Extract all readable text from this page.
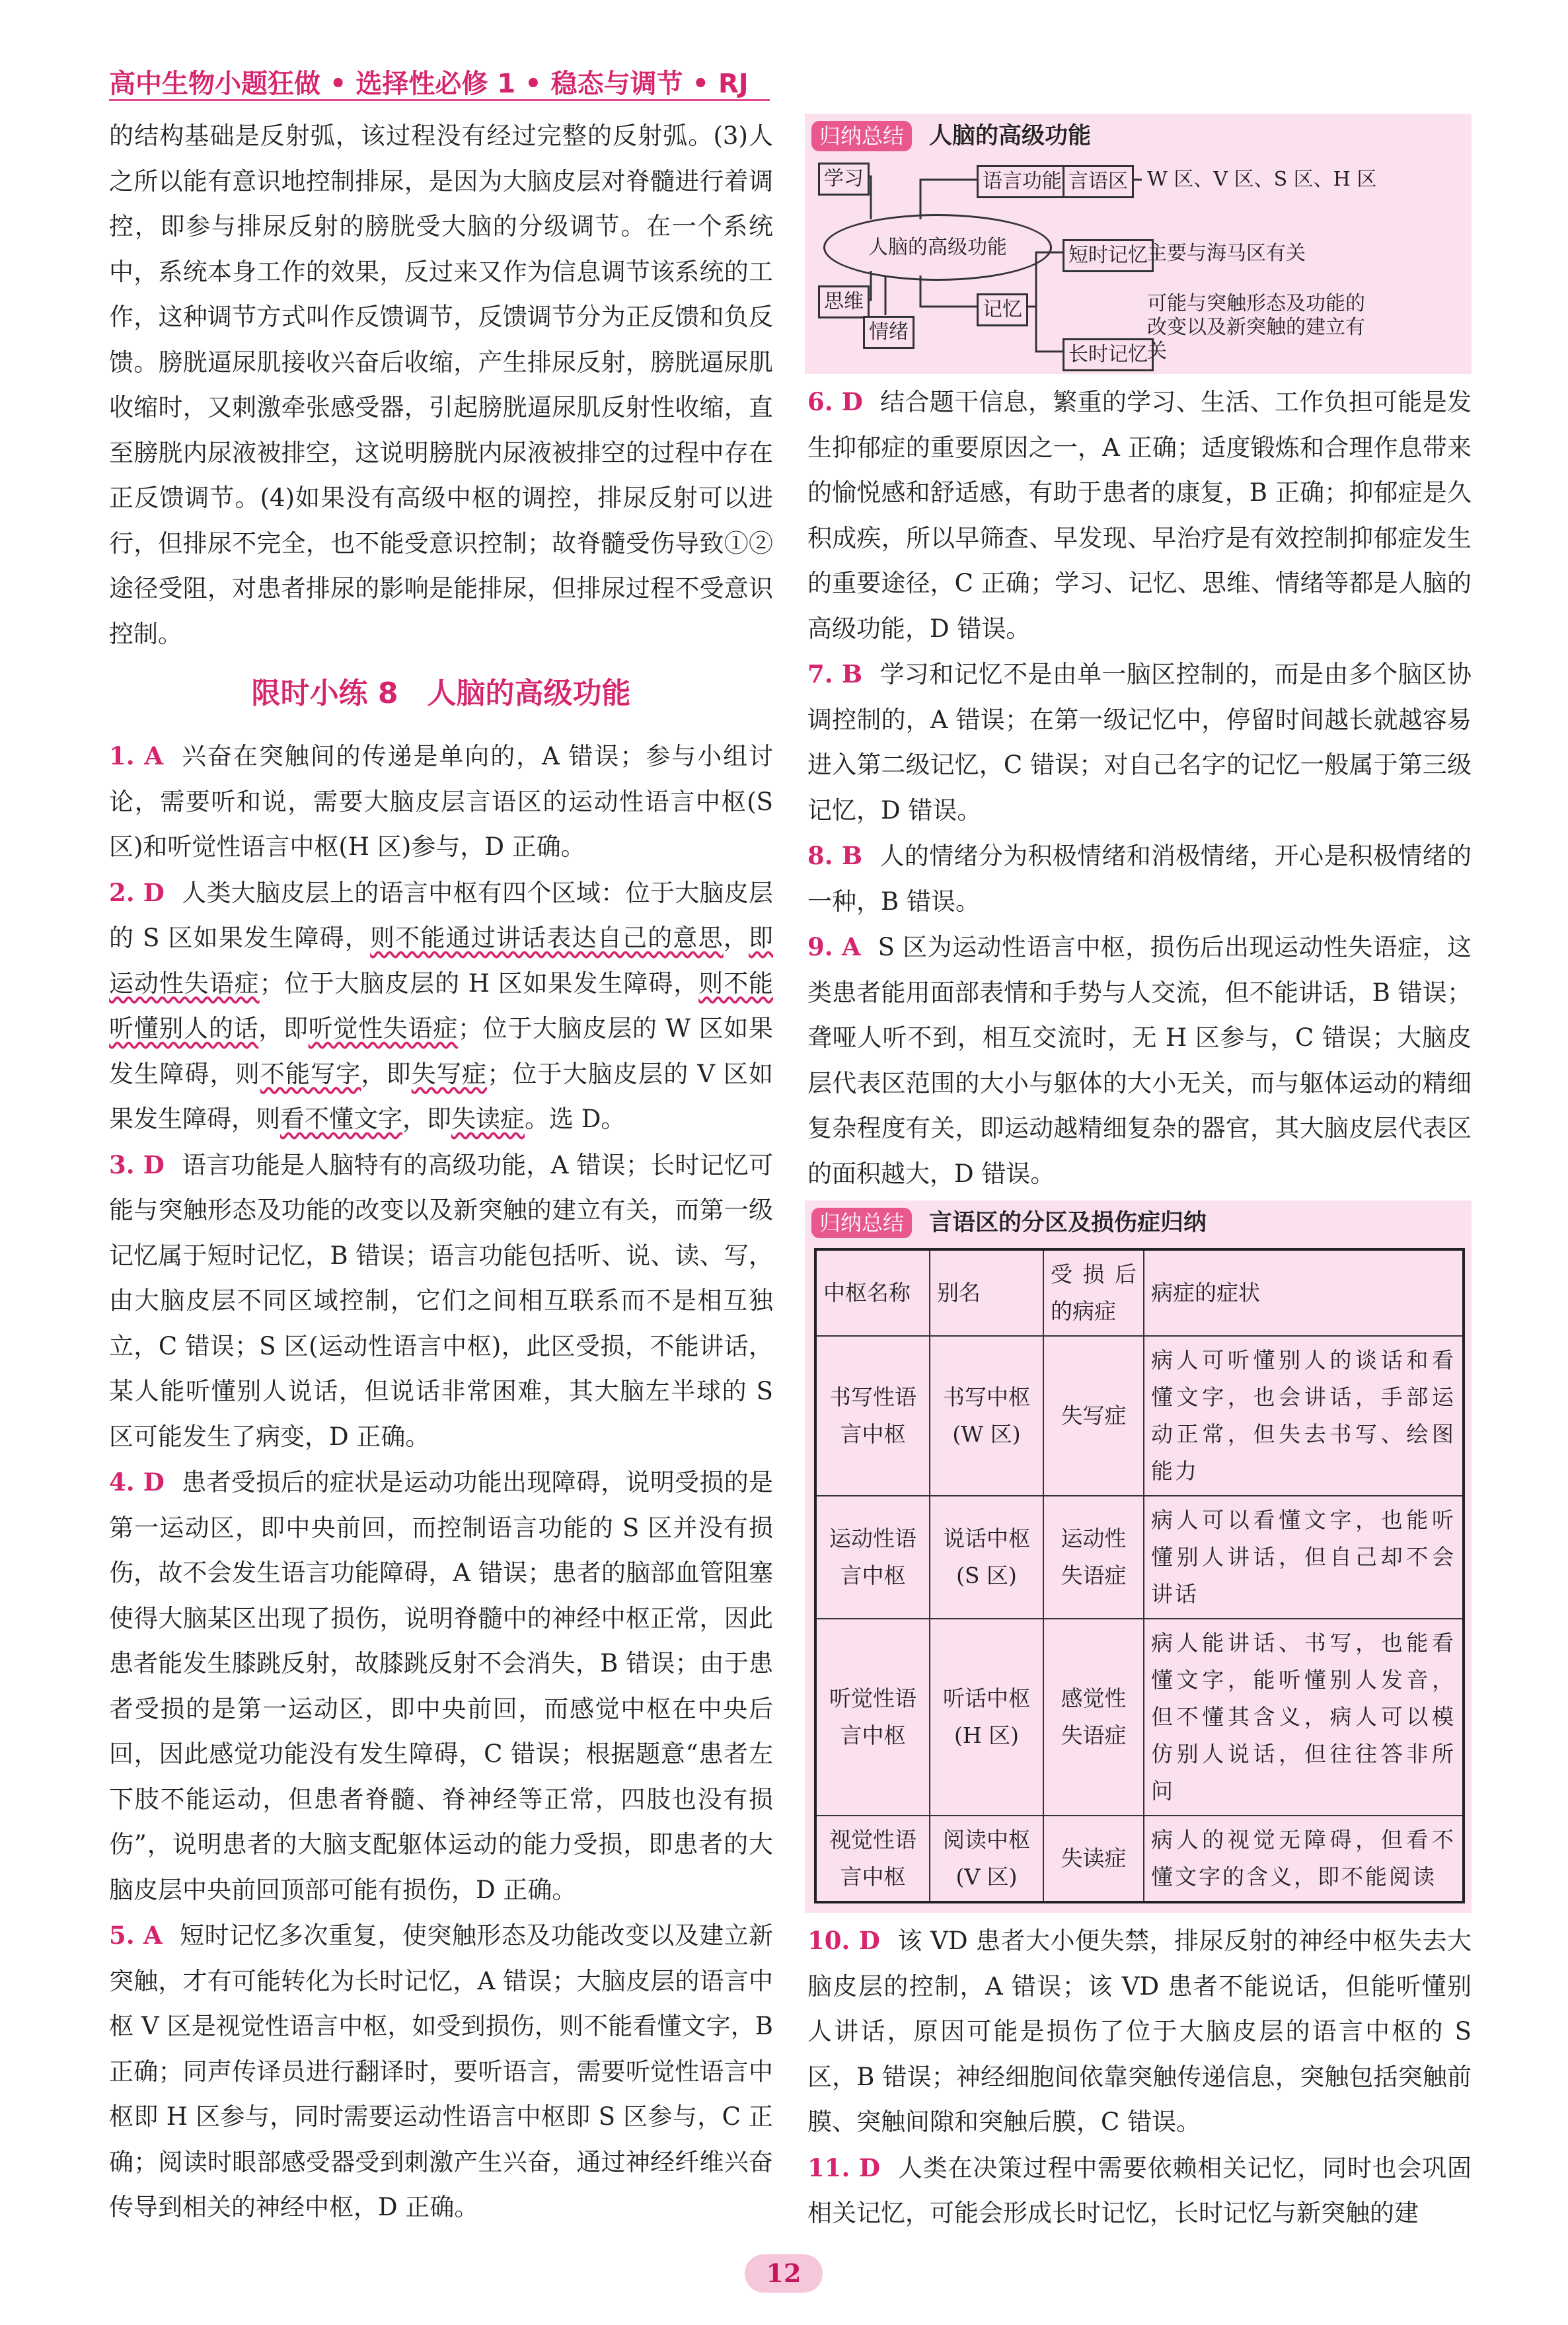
高中生物小题狂做 • 选择性必修 1 • 稳态与调节 • RJ

的结构基础是反射弧，该过程没有经过完整的反射弧。(3)人之所以能有意识地控制排尿，是因为大脑皮层对脊髓进行着调控，即参与排尿反射的膀胱受大脑的分级调节。在一个系统中，系统本身工作的效果，反过来又作为信息调节该系统的工作，这种调节方式叫作反馈调节，反馈调节分为正反馈和负反馈。膀胱逼尿肌接收兴奋后收缩，产生排尿反射，膀胱逼尿肌收缩时，又刺激牵张感受器，引起膀胱逼尿肌反射性收缩，直至膀胱内尿液被排空，这说明膀胱内尿液被排空的过程中存在正反馈调节。(4)如果没有高级中枢的调控，排尿反射可以进行，但排尿不完全，也不能受意识控制；故脊髓受伤导致①②途径受阻，对患者排尿的影响是能排尿，但排尿过程不受意识控制。

限时小练 8　人脑的高级功能

1. A 兴奋在突触间的传递是单向的，A 错误；参与小组讨论，需要听和说，需要大脑皮层言语区的运动性语言中枢(S 区)和听觉性语言中枢(H 区)参与，D 正确。

2. D 人类大脑皮层上的语言中枢有四个区域：位于大脑皮层的 S 区如果发生障碍，则不能通过讲话表达自己的意思，即运动性失语症；位于大脑皮层的 H 区如果发生障碍，则不能听懂别人的话，即听觉性失语症；位于大脑皮层的 W 区如果发生障碍，则不能写字，即失写症；位于大脑皮层的 V 区如果发生障碍，则看不懂文字，即失读症。选 D。

3. D 语言功能是人脑特有的高级功能，A 错误；长时记忆可能与突触形态及功能的改变以及新突触的建立有关，而第一级记忆属于短时记忆，B 错误；语言功能包括听、说、读、写，由大脑皮层不同区域控制，它们之间相互联系而不是相互独立，C 错误；S 区(运动性语言中枢)，此区受损，不能讲话，某人能听懂别人说话，但说话非常困难，其大脑左半球的 S 区可能发生了病变，D 正确。

4. D 患者受损后的症状是运动功能出现障碍，说明受损的是第一运动区，即中央前回，而控制语言功能的 S 区并没有损伤，故不会发生语言功能障碍，A 错误；患者的脑部血管阻塞使得大脑某区出现了损伤，说明脊髓中的神经中枢正常，因此患者能发生膝跳反射，故膝跳反射不会消失，B 错误；由于患者受损的是第一运动区，即中央前回，而感觉中枢在中央后回，因此感觉功能没有发生障碍，C 错误；根据题意“患者左下肢不能运动，但患者脊髓、脊神经等正常，四肢也没有损伤”，说明患者的大脑支配躯体运动的能力受损，即患者的大脑皮层中央前回顶部可能有损伤，D 正确。

5. A 短时记忆多次重复，使突触形态及功能改变以及建立新突触，才有可能转化为长时记忆，A 错误；大脑皮层的语言中枢 V 区是视觉性语言中枢，如受到损伤，则不能看懂文字，B 正确；同声传译员进行翻译时，要听语言，需要听觉性语言中枢即 H 区参与，同时需要运动性语言中枢即 S 区参与，C 正确；阅读时眼部感受器受到刺激产生兴奋，通过神经纤维兴奋传导到相关的神经中枢，D 正确。

归纳总结	人脑的高级功能
学习
人脑的高级功能
思维
情绪
语言功能 言语区 W 区、V 区、S 区、H 区
记忆
短时记忆 主要与海马区有关
长时记忆
可能与突触形态及功能的改变以及新突触的建立有关

6. D 结合题干信息，繁重的学习、生活、工作负担可能是发生抑郁症的重要原因之一，A 正确；适度锻炼和合理作息带来的愉悦感和舒适感，有助于患者的康复，B 正确；抑郁症是久积成疾，所以早筛查、早发现、早治疗是有效控制抑郁症发生的重要途径，C 正确；学习、记忆、思维、情绪等都是人脑的高级功能，D 错误。

7. B 学习和记忆不是由单一脑区控制的，而是由多个脑区协调控制的，A 错误；在第一级记忆中，停留时间越长就越容易进入第二级记忆，C 错误；对自己名字的记忆一般属于第三级记忆，D 错误。

8. B 人的情绪分为积极情绪和消极情绪，开心是积极情绪的一种，B 错误。

9. A S 区为运动性语言中枢，损伤后出现运动性失语症，这类患者能用面部表情和手势与人交流，但不能讲话，B 错误；聋哑人听不到，相互交流时，无 H 区参与，C 错误；大脑皮层代表区范围的大小与躯体的大小无关，而与躯体运动的精细复杂程度有关，即运动越精细复杂的器官，其大脑皮层代表区的面积越大，D 错误。

归纳总结	言语区的分区及损伤症归纳
中枢名称	别名	受损后的病症	病症的症状
书写性语言中枢	书写中枢(W 区)	失写症	病人可听懂别人的谈话和看懂文字，也会讲话，手部运动正常，但失去书写、绘图能力
运动性语言中枢	说话中枢(S 区)	运动性失语症	病人可以看懂文字，也能听懂别人讲话，但自己却不会讲话
听觉性语言中枢	听话中枢(H 区)	感觉性失语症	病人能讲话、书写，也能看懂文字，能听懂别人发音，但不懂其含义，病人可以模仿别人说话，但往往答非所问
视觉性语言中枢	阅读中枢(V 区)	失读症	病人的视觉无障碍，但看不懂文字的含义，即不能阅读

10. D 该 VD 患者大小便失禁，排尿反射的神经中枢失去大脑皮层的控制，A 错误；该 VD 患者不能说话，但能听懂别人讲话，原因可能是损伤了位于大脑皮层的语言中枢的 S 区，B 错误；神经细胞间依靠突触传递信息，突触包括突触前膜、突触间隙和突触后膜，C 错误。

11. D 人类在决策过程中需要依赖相关记忆，同时也会巩固相关记忆，可能会形成长时记忆，长时记忆与新突触的建

12
